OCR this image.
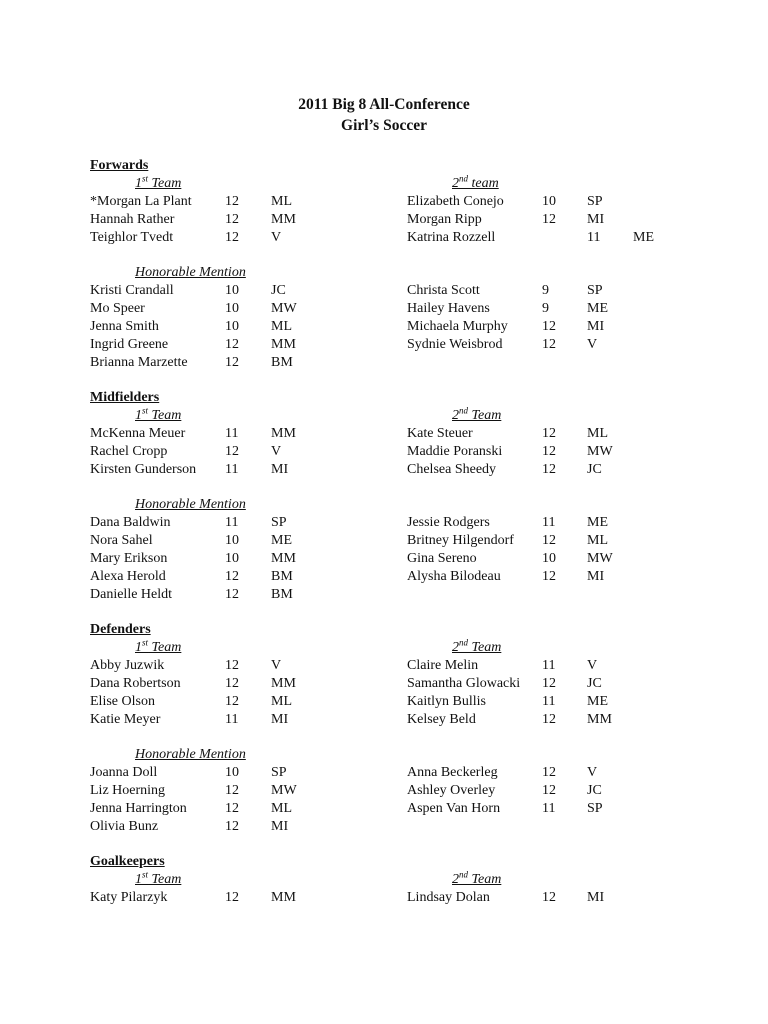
2011 Big 8 All-Conference
Girl’s Soccer
Forwards
1st Team	2nd team
*Morgan La Plant 12 ML	Elizabeth Conejo	10 SP
Hannah Rather	12 MM	Morgan Ripp	12 MI
Teighlor Tvedt	12 V	Katrina Rozzell	11 ME
Honorable Mention
Kristi Crandall	10 JC	Christa Scott	9	SP
Mo Speer	10 MW	Hailey Havens	9	ME
Jenna Smith	10 ML	Michaela Murphy 12 MI
Ingrid Greene	12 MM	Sydnie Weisbrod	12 V
Brianna Marzette	12 BM
Midfielders
1st Team	2nd Team
McKenna Meuer	11 MM	Kate Steuer	12 ML
Rachel Cropp	12 V	Maddie Poranski	12 MW
Kirsten Gunderson 11 MI	Chelsea Sheedy	12 JC
Honorable Mention
Dana Baldwin	11 SP	Jessie Rodgers	11 ME
Nora Sahel	10 ME	Britney Hilgendorf 12 ML
Mary Erikson	10 MM	Gina Sereno	10 MW
Alexa Herold	12 BM	Alysha Bilodeau	12 MI
Danielle Heldt	12 BM
Defenders
1st Team	2nd Team
Abby Juzwik	12 V	Claire Melin	11 V
Dana Robertson	12 MM	Samantha Glowacki 12 JC
Elise Olson	12 ML	Kaitlyn Bullis	11 ME
Katie Meyer	11 MI	Kelsey Beld	12 MM
Honorable Mention
Joanna Doll	10 SP	Anna Beckerleg	12 V
Liz Hoerning	12 MW	Ashley Overley	12 JC
Jenna Harrington	12 ML	Aspen Van Horn	11 SP
Olivia Bunz	12 MI
Goalkeepers
1st Team	2nd Team
Katy Pilarzyk	12 MM	Lindsay Dolan	12 MI
